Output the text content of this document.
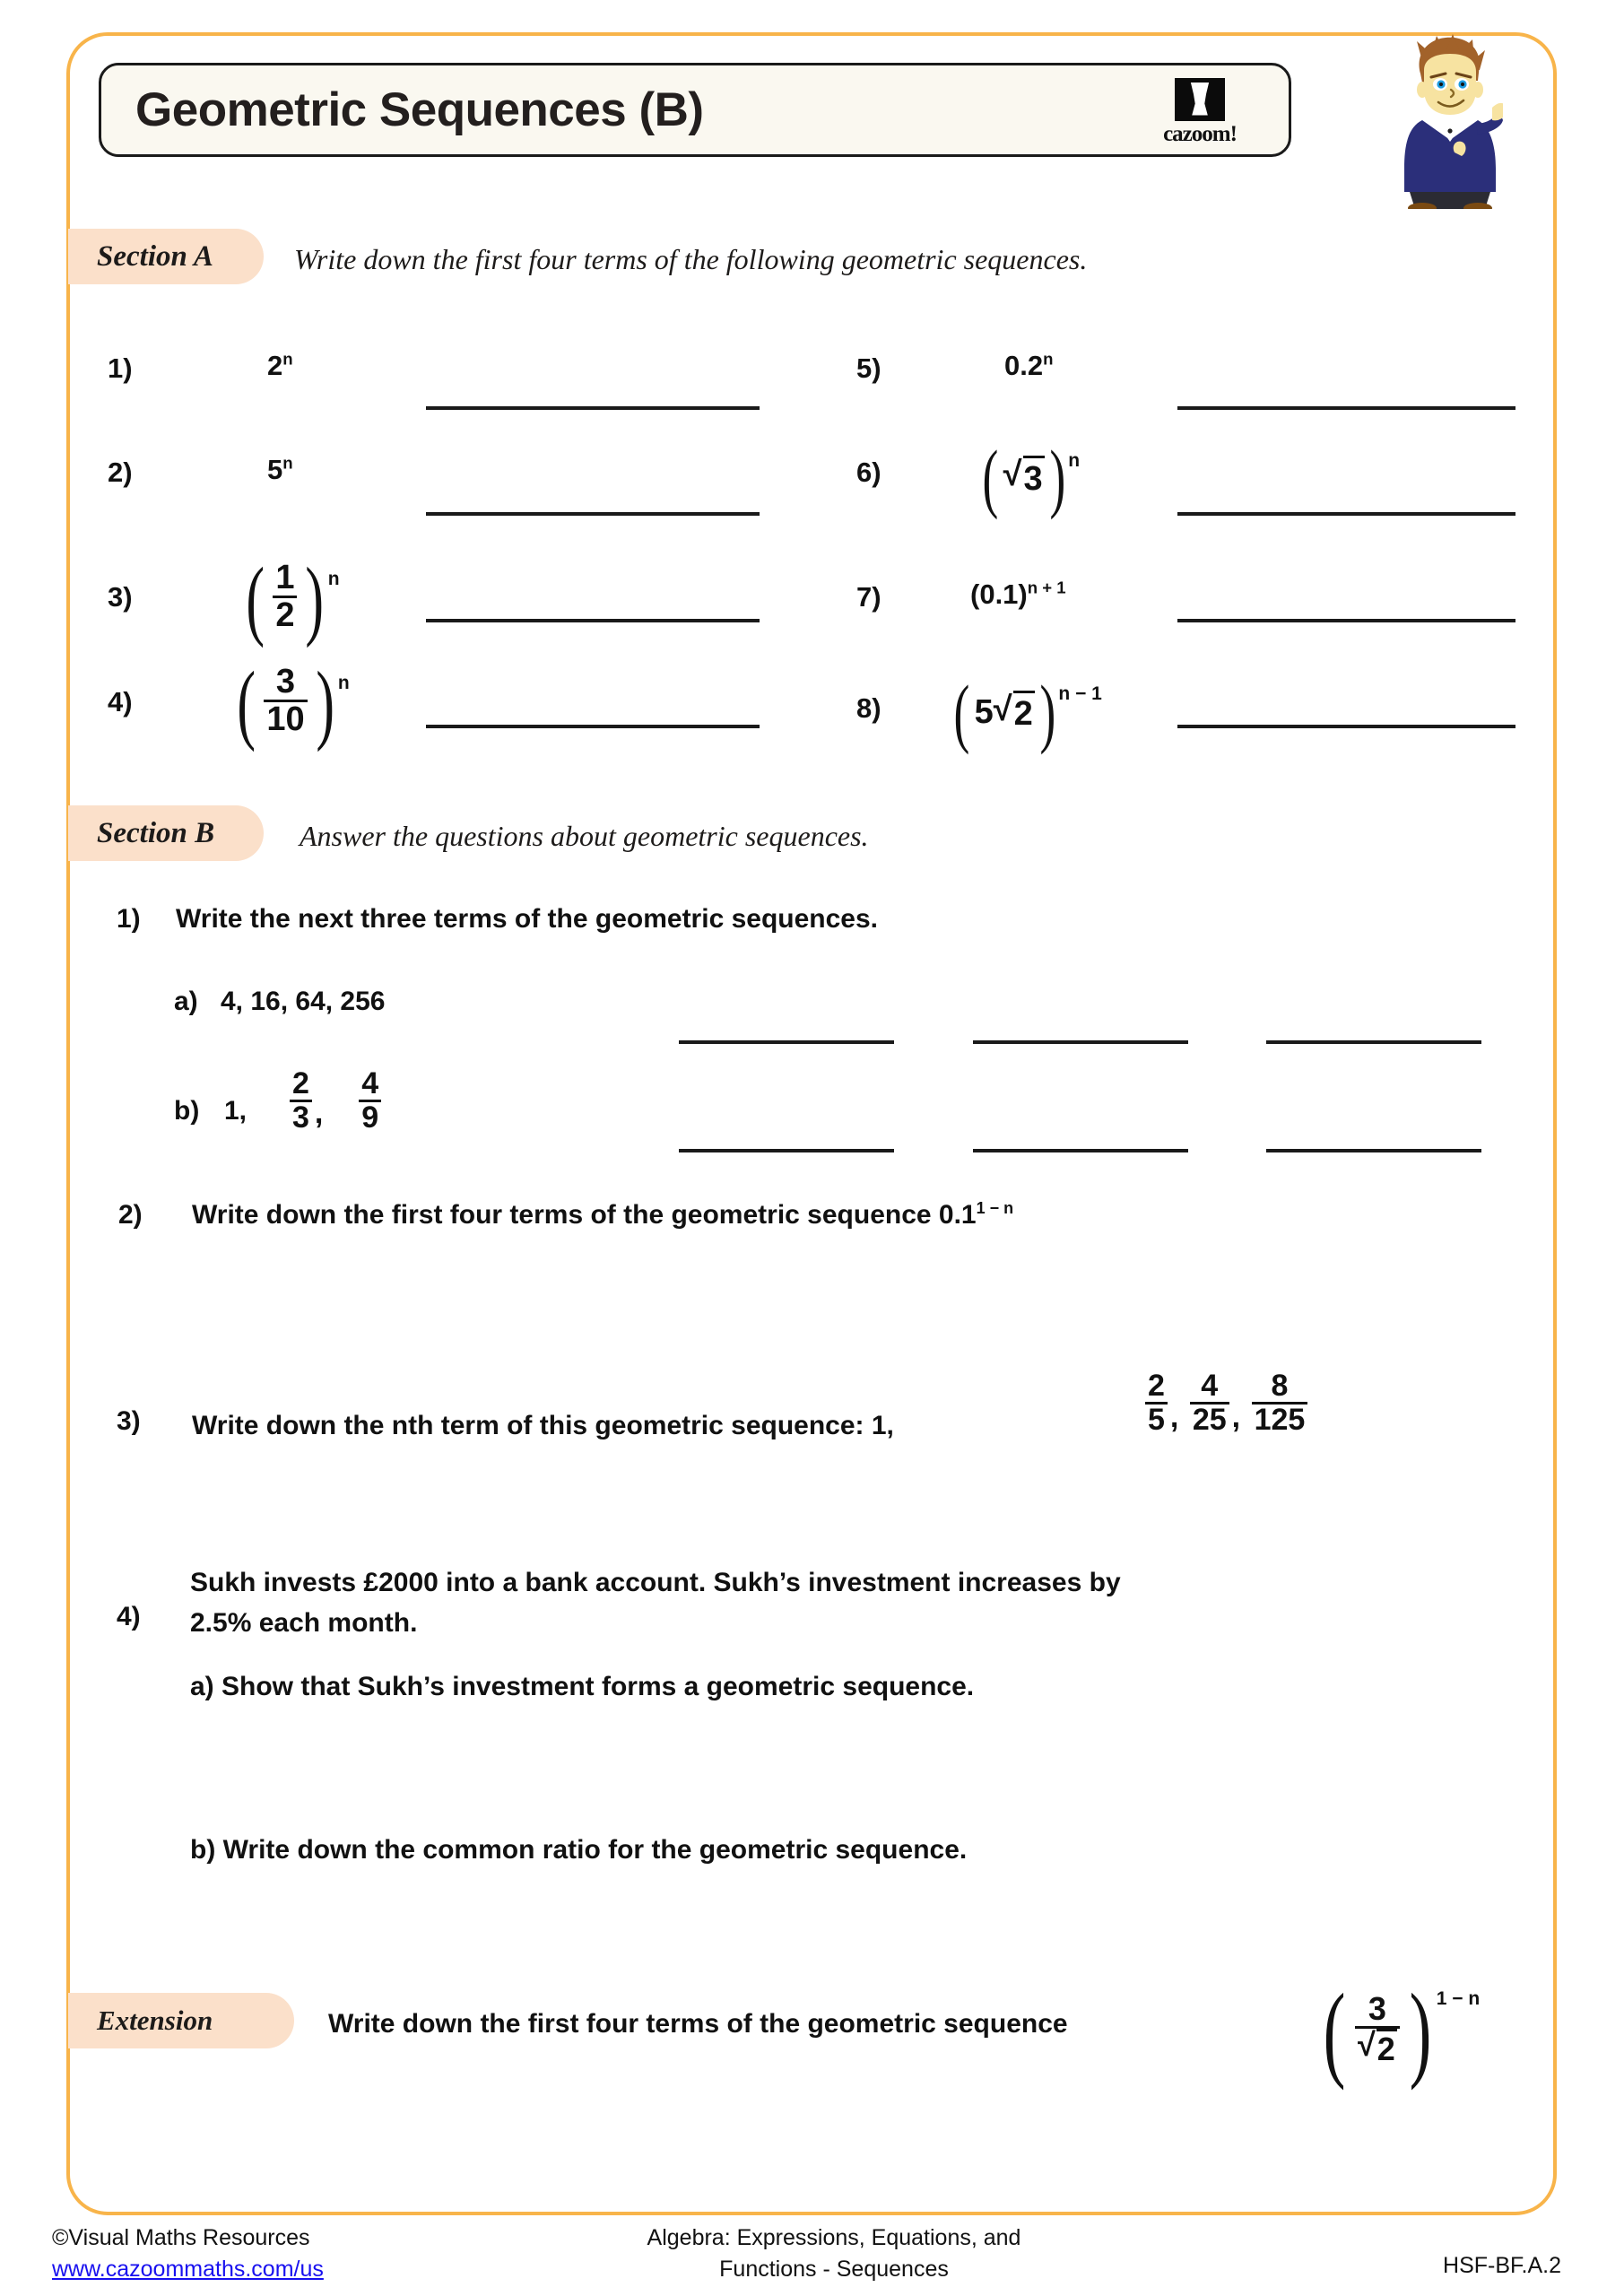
Geometric Sequences (B)	cazoom!
Section A	Write down the first four terms of the following geometric sequences.
1)	2$^n$
2)	5$^n$
3) ( $\frac{1}{2}$ ) $^n$
4) ( $\frac{3}{10}$ ) $^n$
5)	0.2$^n$
6) ( √ 3 ) $^n$
7)	$(0.1)^{n + 1}$
8) ( 5 √ 2 ) $^{n - 1}$
Section B	Answer the questions about geometric sequences.
1) Write the next three terms of the geometric sequences.
a) 4, 16, 64, 256
b) 1, $\frac{2}{3}$ , $\frac{4}{9}$
2) Write down the first four terms of the geometric sequence $0.1^{1 - n}$
3) Write down the nth term of this geometric sequence: 1,	$\frac{2}{5}$ , $\frac{4}{25}$ , $\frac{8}{125}$
4)
Sukh invests £2000 into a bank account. Sukh’s investment increases by
2.5% each month.
a) Show that Sukh’s investment forms a geometric sequence.
b) Write down the common ratio for the geometric sequence.
Extension	Write down the first four terms of the geometric sequence ( $\frac{3}{√ 2}$ ) $^{1 - n}$
©Visual Maths Resources
www.cazoommaths.com/us
Algebra: Expressions, Equations, and
Functions - Sequences	HSF-BF.A.2
